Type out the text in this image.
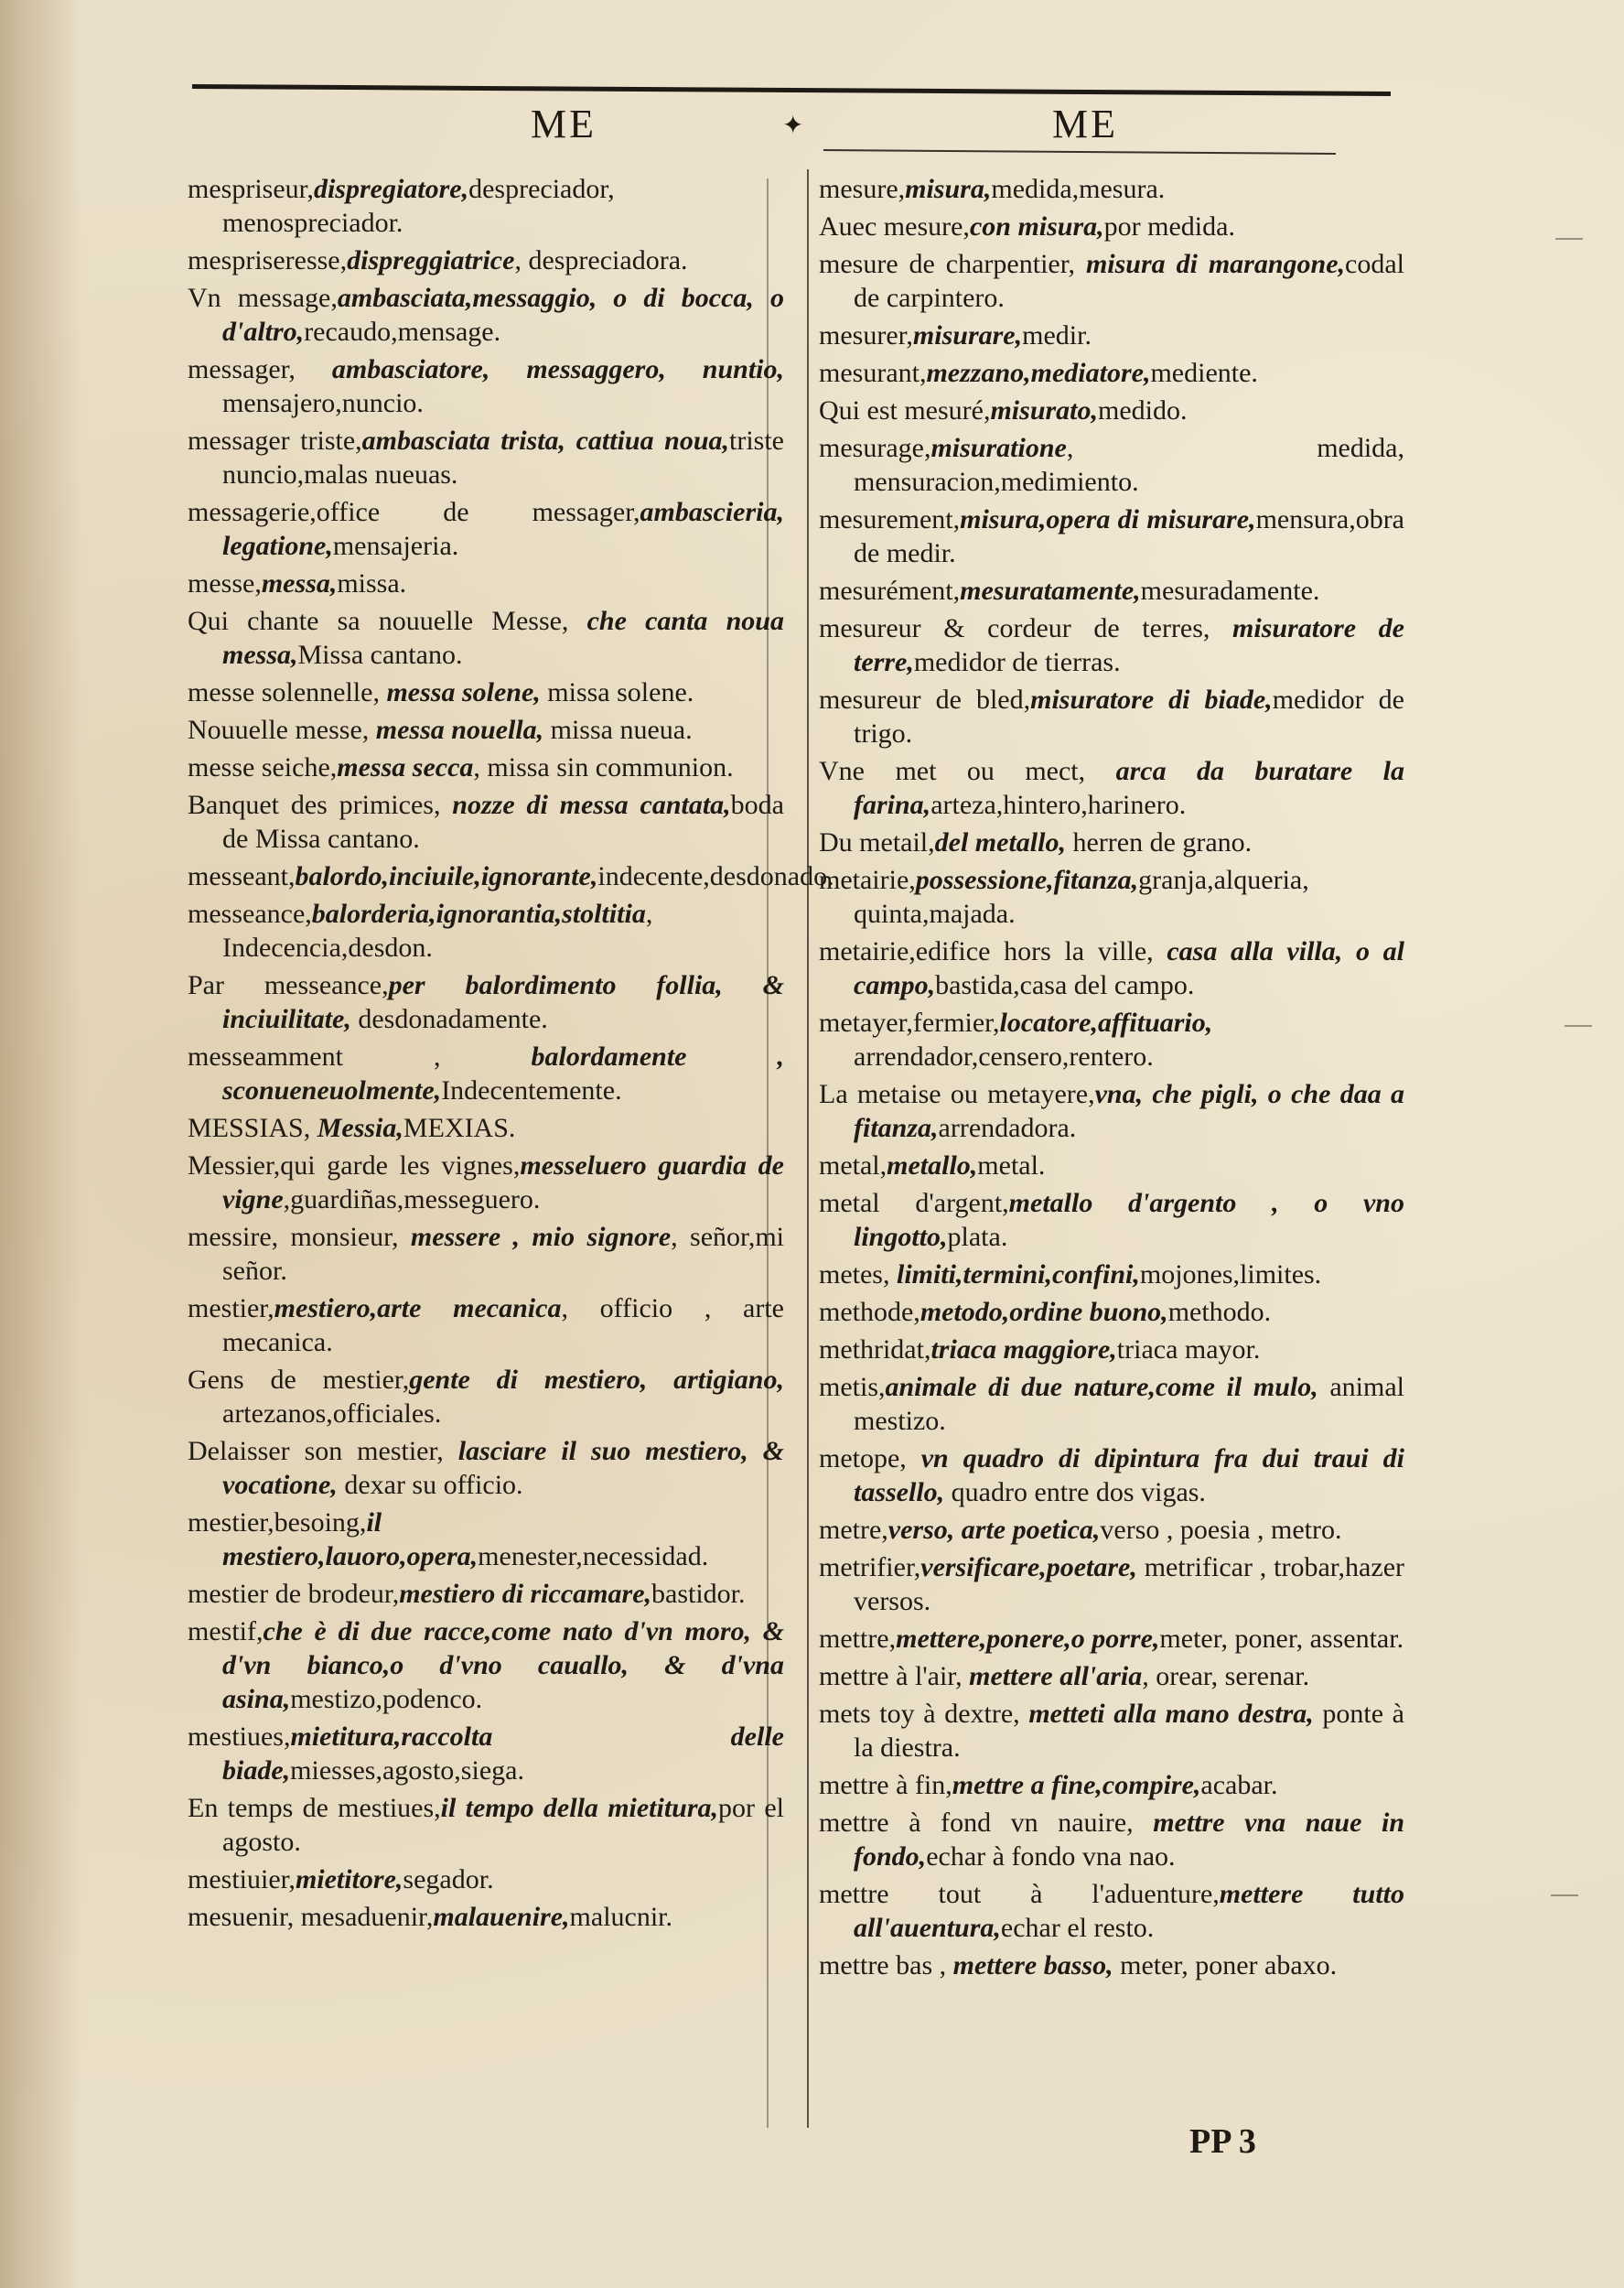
ME	✦	ME
mespriseur,dispregiatore,despreciador, menospreciador.
mespriseresse,dispreggiatrice, despreciadora.
Vn message,ambasciata,messaggio, o di bocca, o d'altro,recaudo,mensage.
messager, ambasciatore, messaggero, nuntio, mensajero,nuncio.
messager triste,ambasciata trista, cattiua noua,triste nuncio,malas nueuas.
messagerie,office de messager,ambascieria, legatione,mensajeria.
messe,messa,missa.
Qui chante sa nouuelle Messe, che canta noua messa,Missa cantano.
messe solennelle, messa solene, missa solene.
Nouuelle messe, messa nouella, missa nueua.
messe seiche,messa secca, missa sin communion.
Banquet des primices, nozze di messa cantata,boda de Missa cantano.
messeant,balordo,inciuile,ignorante,indecente,desdonado.
messeance,balorderia,ignorantia,stoltitia, Indecencia,desdon.
Par messeance,per balordimento follia, & inciuilitate, desdonadamente.
messeamment , balordamente , sconueneuolmente,Indecentemente.
MESSIAS, Messia,MEXIAS.
Messier,qui garde les vignes,messeluero guardia de vigne,guardiñas,messeguero.
messire, monsieur, messere , mio signore, señor,mi señor.
mestier,mestiero,arte mecanica, officio , arte mecanica.
Gens de mestier,gente di mestiero, artigiano, artezanos,officiales.
Delaisser son mestier, lasciare il suo mestiero, & vocatione, dexar su officio.
mestier,besoing,il mestiero,lauoro,opera,menester,necessidad.
mestier de brodeur,mestiero di riccamare,bastidor.
mestif,che è di due racce,come nato d'vn moro, & d'vn bianco,o d'vno cauallo, & d'vna asina,mestizo,podenco.
mestiues,mietitura,raccolta delle biade,miesses,agosto,siega.
En temps de mestiues,il tempo della mietitura,por el agosto.
mestiuier,mietitore,segador.
mesuenir, mesaduenir,malauenire,malucnir.
mesure,misura,medida,mesura.
Auec mesure,con misura,por medida.
mesure de charpentier, misura di marangone,codal de carpintero.
mesurer,misurare,medir.
mesurant,mezzano,mediatore,mediente.
Qui est mesuré,misurato,medido.
mesurage,misuratione, medida, mensuracion,medimiento.
mesurement,misura,opera di misurare,mensura,obra de medir.
mesurément,mesuratamente,mesuradamente.
mesureur & cordeur de terres, misuratore de terre,medidor de tierras.
mesureur de bled,misuratore di biade,medidor de trigo.
Vne met ou mect, arca da buratare la farina,arteza,hintero,harinero.
Du metail,del metallo, herren de grano.
metairie,possessione,fitanza,granja,alqueria, quinta,majada.
metairie,edifice hors la ville, casa alla villa, o al campo,bastida,casa del campo.
metayer,fermier,locatore,affituario, arrendador,censero,rentero.
La metaise ou metayere,vna, che pigli, o che daa a fitanza,arrendadora.
metal,metallo,metal.
metal d'argent,metallo d'argento , o vno lingotto,plata.
metes, limiti,termini,confini,mojones,limites.
methode,metodo,ordine buono,methodo.
methridat,triaca maggiore,triaca mayor.
metis,animale di due nature,come il mulo, animal mestizo.
metope, vn quadro di dipintura fra dui traui di tassello, quadro entre dos vigas.
metre,verso, arte poetica,verso , poesia , metro.
metrifier,versificare,poetare, metrificar , trobar,hazer versos.
mettre,mettere,ponere,o porre,meter, poner, assentar.
mettre à l'air, mettere all'aria, orear, serenar.
mets toy à dextre, metteti alla mano destra, ponte à la diestra.
mettre à fin,mettre a fine,compire,acabar.
mettre à fond vn nauire, mettre vna naue in fondo,echar à fondo vna nao.
mettre tout à l'aduenture,mettere tutto all'auentura,echar el resto.
mettre bas , mettere basso, meter, poner abaxo.
PP 3
